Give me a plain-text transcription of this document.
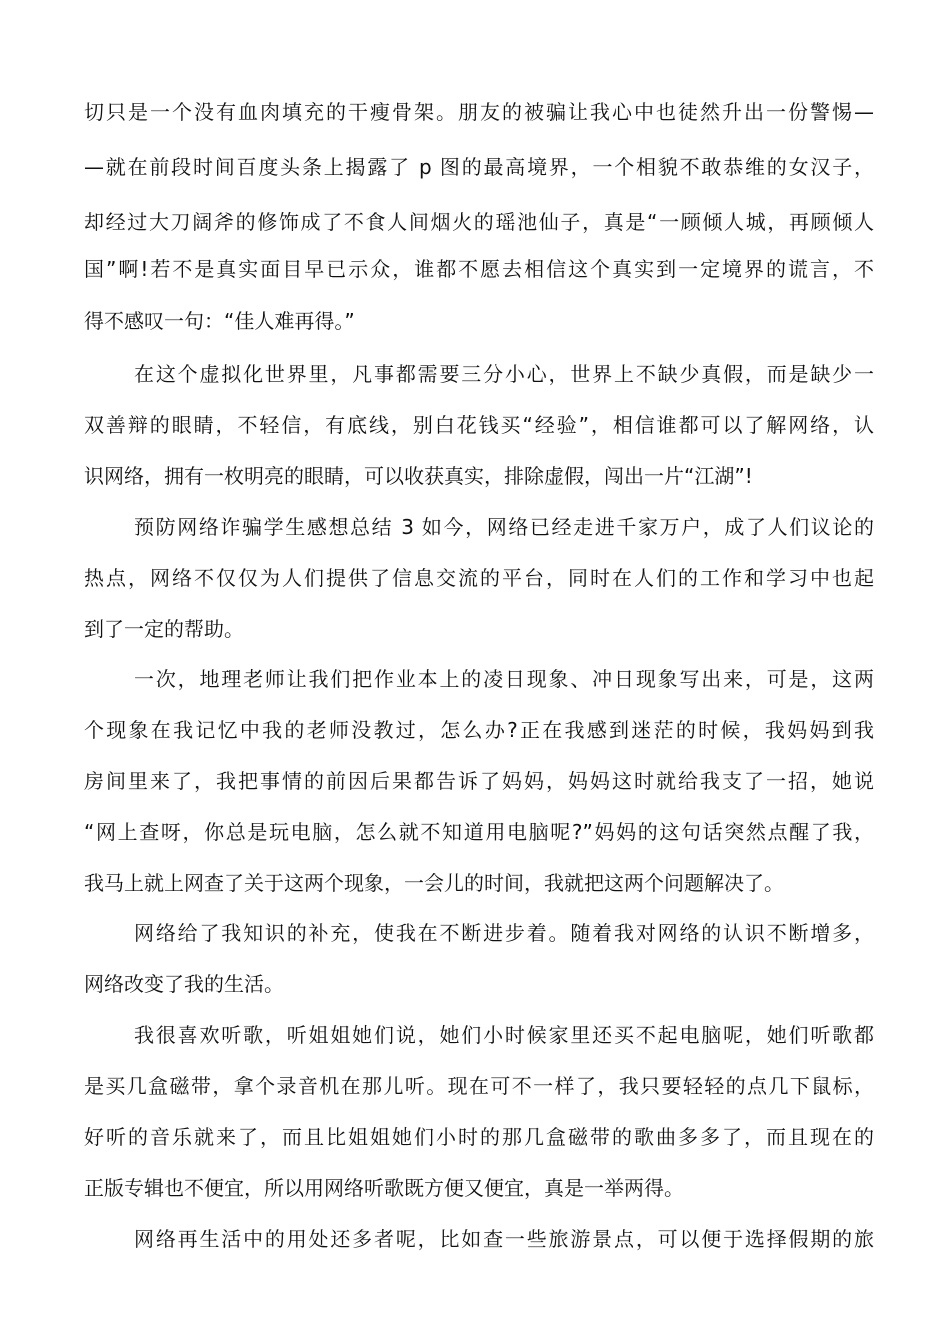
切只是一个没有血肉填充的干瘦骨架。朋友的被骗让我心中也徒然升出一份警惕—
—就在前段时间百度头条上揭露了 p 图的最高境界，一个相貌不敢恭维的女汉子，
却经过大刀阔斧的修饰成了不食人间烟火的瑶池仙子，真是“一顾倾人城，再顾倾人
国”啊!若不是真实面目早已示众，谁都不愿去相信这个真实到一定境界的谎言，不
得不感叹一句：“佳人难再得。”
在这个虚拟化世界里，凡事都需要三分小心，世界上不缺少真假，而是缺少一
双善辩的眼睛，不轻信，有底线，别白花钱买“经验”，相信谁都可以了解网络，认
识网络，拥有一枚明亮的眼睛，可以收获真实，排除虚假，闯出一片“江湖”!
预防网络诈骗学生感想总结 3 如今，网络已经走进千家万户，成了人们议论的
热点，网络不仅仅为人们提供了信息交流的平台，同时在人们的工作和学习中也起
到了一定的帮助。
一次，地理老师让我们把作业本上的凌日现象、冲日现象写出来，可是，这两
个现象在我记忆中我的老师没教过，怎么办?正在我感到迷茫的时候，我妈妈到我
房间里来了，我把事情的前因后果都告诉了妈妈，妈妈这时就给我支了一招，她说
“网上查呀，你总是玩电脑，怎么就不知道用电脑呢?”妈妈的这句话突然点醒了我，
我马上就上网查了关于这两个现象，一会儿的时间，我就把这两个问题解决了。
网络给了我知识的补充，使我在不断进步着。随着我对网络的认识不断增多，
网络改变了我的生活。
我很喜欢听歌，听姐姐她们说，她们小时候家里还买不起电脑呢，她们听歌都
是买几盒磁带，拿个录音机在那儿听。现在可不一样了，我只要轻轻的点几下鼠标，
好听的音乐就来了，而且比姐姐她们小时的那几盒磁带的歌曲多多了，而且现在的
正版专辑也不便宜，所以用网络听歌既方便又便宜，真是一举两得。
网络再生活中的用处还多者呢，比如查一些旅游景点，可以便于选择假期的旅
